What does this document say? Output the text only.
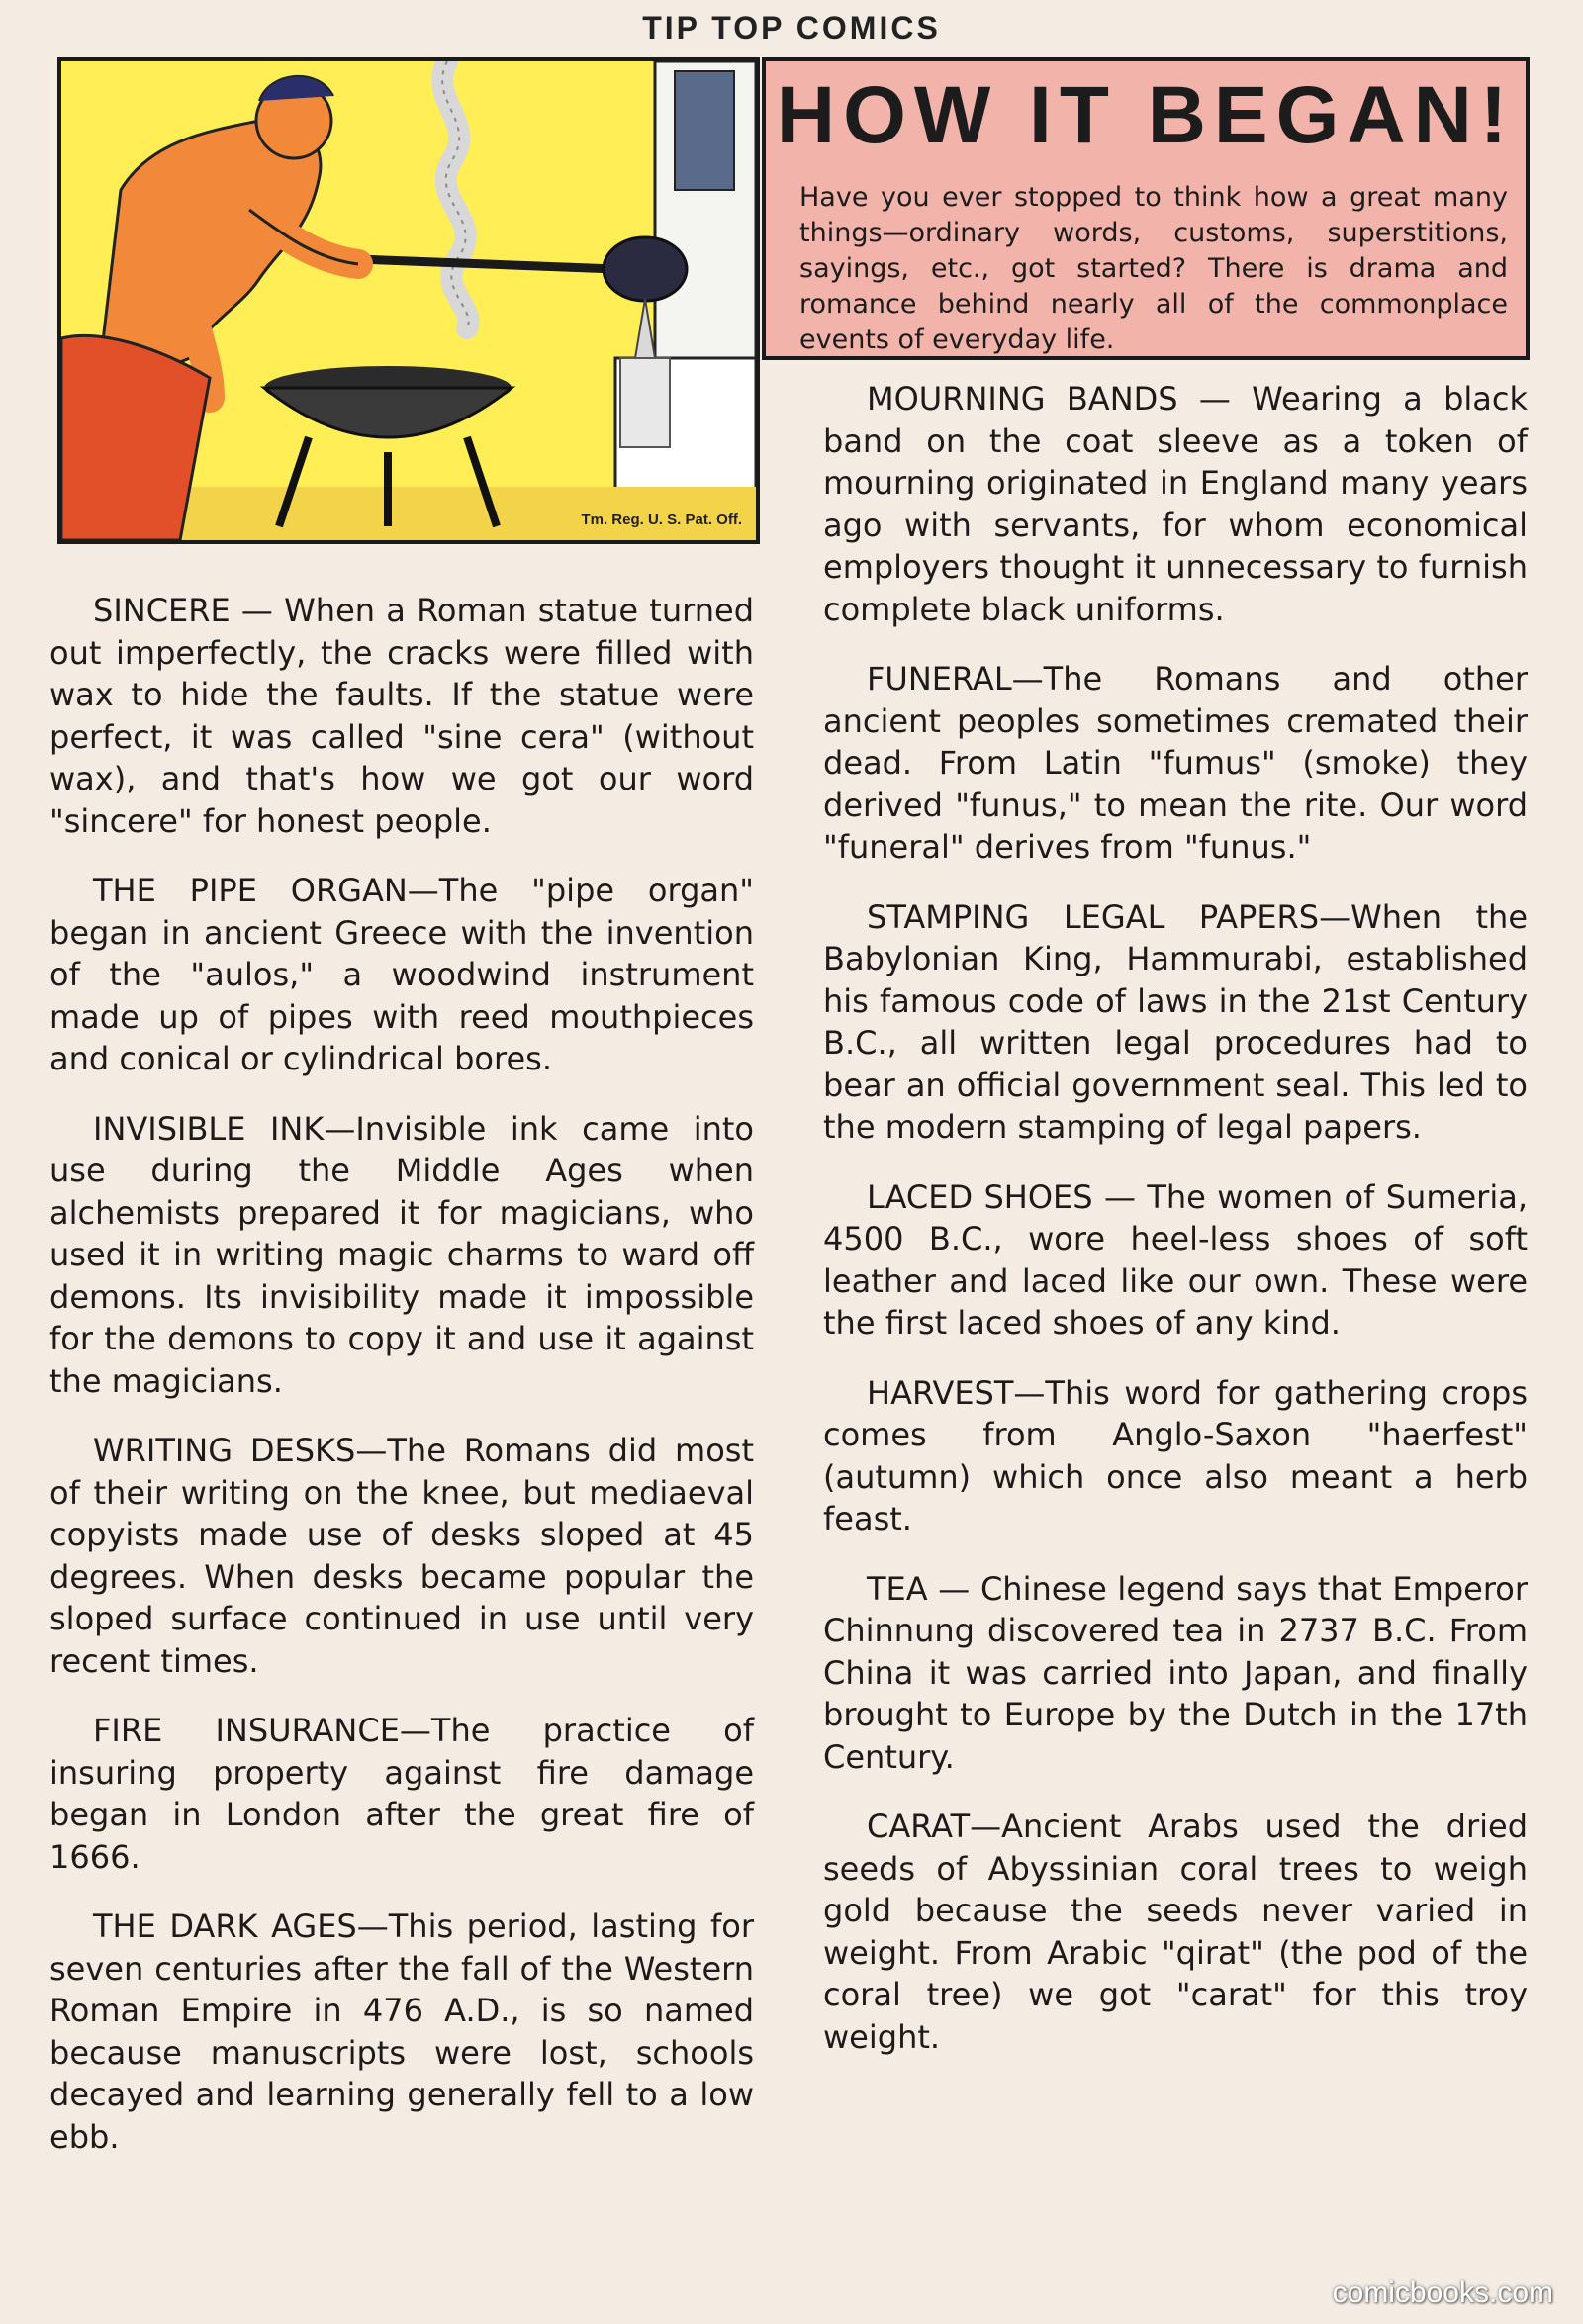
TIP TOP COMICS
Tm. Reg. U. S. Pat. Off.
HOW IT BEGAN!

Have you ever stopped to think how a great many things—ordinary words, customs, superstitions, sayings, etc., got started? There is drama and romance behind nearly all of the commonplace events of everyday life.

SINCERE — When a Roman statue turned out imperfectly, the cracks were filled with wax to hide the faults. If the statue were perfect, it was called "sine cera" (without wax), and that's how we got our word "sincere" for honest people.

THE PIPE ORGAN—The "pipe organ" began in ancient Greece with the invention of the "aulos," a woodwind instrument made up of pipes with reed mouthpieces and conical or cylindrical bores.

INVISIBLE INK—Invisible ink came into use during the Middle Ages when alchemists prepared it for magicians, who used it in writing magic charms to ward off demons. Its invisibility made it impossible for the demons to copy it and use it against the magicians.

WRITING DESKS—The Romans did most of their writing on the knee, but mediaeval copyists made use of desks sloped at 45 degrees. When desks became popular the sloped surface continued in use until very recent times.

FIRE INSURANCE—The practice of insuring property against fire damage began in London after the great fire of 1666.

THE DARK AGES—This period, lasting for seven centuries after the fall of the Western Roman Empire in 476 A.D., is so named because manuscripts were lost, schools decayed and learning generally fell to a low ebb.

MOURNING BANDS — Wearing a black band on the coat sleeve as a token of mourning originated in England many years ago with servants, for whom economical employers thought it unnecessary to furnish complete black uniforms.

FUNERAL—The Romans and other ancient peoples sometimes cremated their dead. From Latin "fumus" (smoke) they derived "funus," to mean the rite. Our word "funeral" derives from "funus."

STAMPING LEGAL PAPERS—When the Babylonian King, Hammurabi, established his famous code of laws in the 21st Century B.C., all written legal procedures had to bear an official government seal. This led to the modern stamping of legal papers.

LACED SHOES — The women of Sumeria, 4500 B.C., wore heel-less shoes of soft leather and laced like our own. These were the first laced shoes of any kind.

HARVEST—This word for gathering crops comes from Anglo-Saxon "haerfest" (autumn) which once also meant a herb feast.

TEA — Chinese legend says that Emperor Chinnung discovered tea in 2737 B.C. From China it was carried into Japan, and finally brought to Europe by the Dutch in the 17th Century.

CARAT—Ancient Arabs used the dried seeds of Abyssinian coral trees to weigh gold because the seeds never varied in weight. From Arabic "qirat" (the pod of the coral tree) we got "carat" for this troy weight.

comicbooks.com
